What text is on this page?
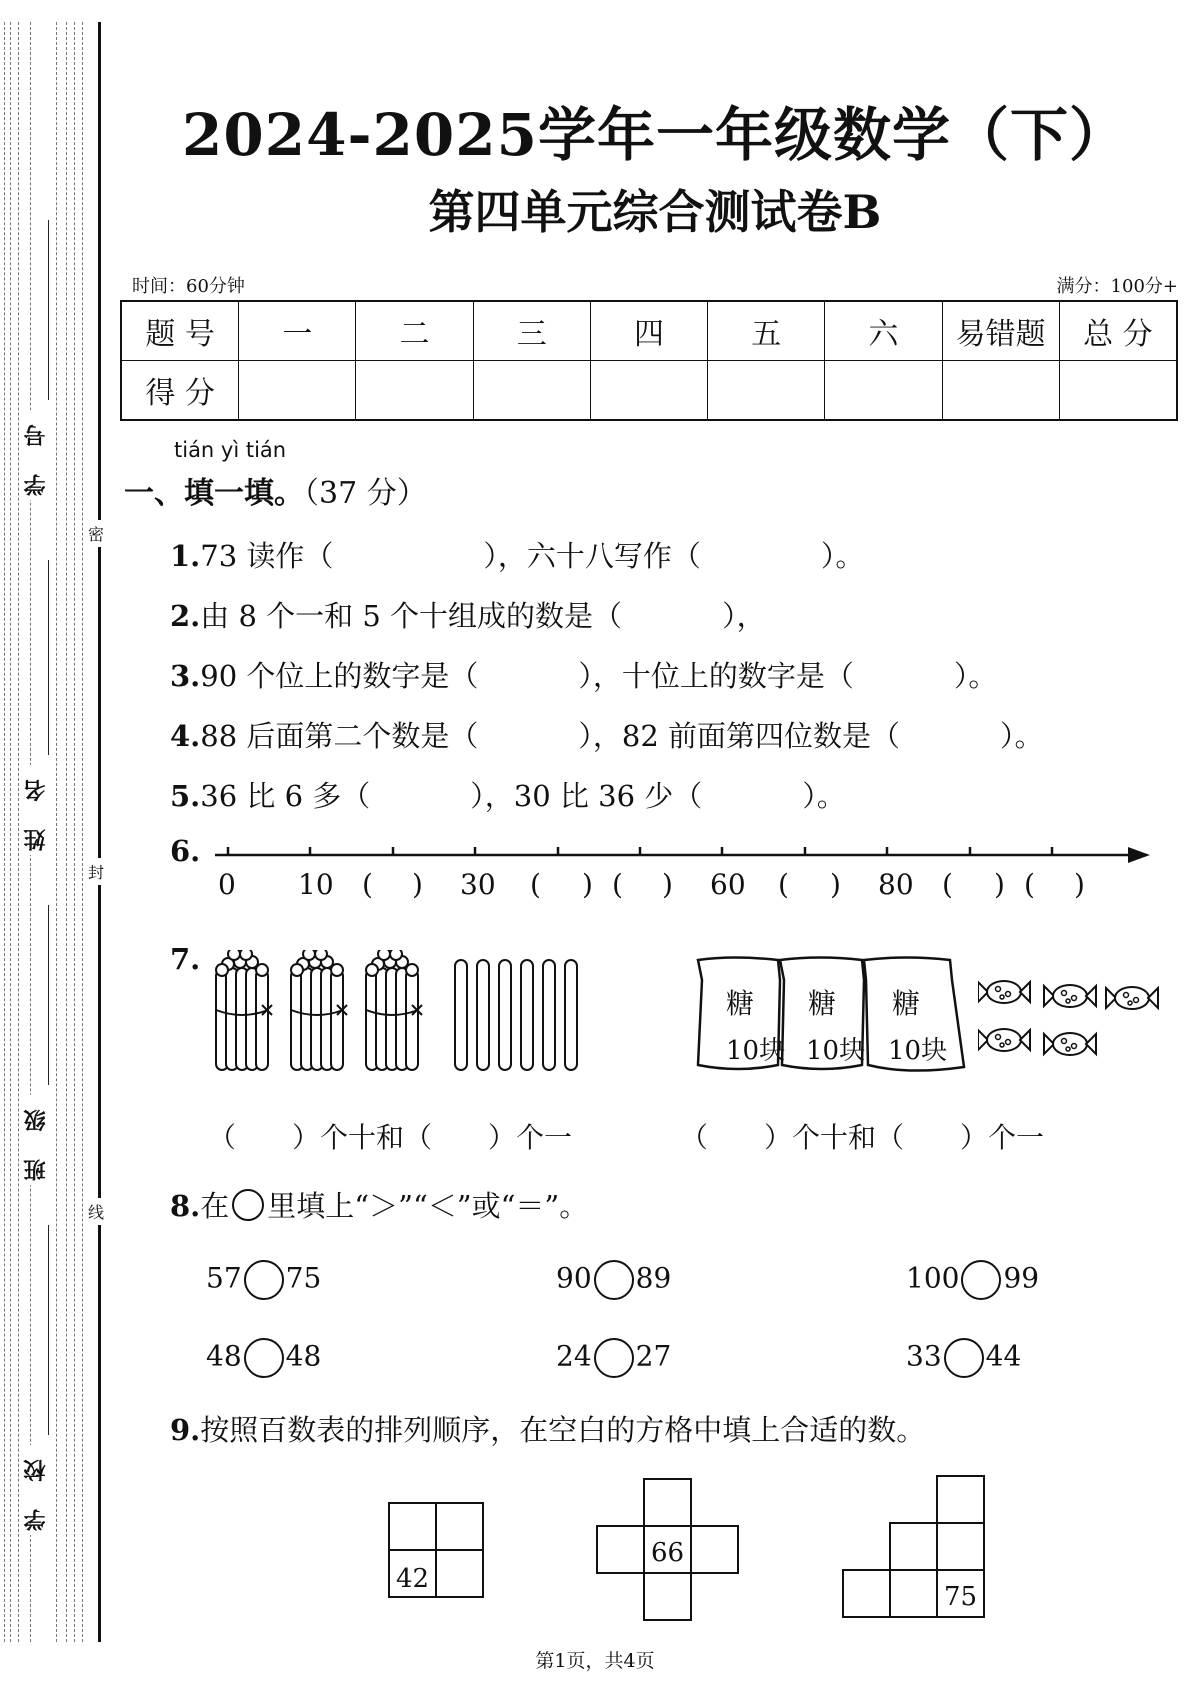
学 号
姓 名
班 级
学 校
密
封
线
2024-2025学年一年级数学（下）
第四单元综合测试卷B
时间：60分钟	满分：100分+
题 号	一	二	三	四	五	六	易错题	总 分
得 分								
tián yì tián
一、填一填。（37 分）
1.73 读作（	），六十八写作（	）。
2.由 8 个一和 5 个十组成的数是（	），
3.90 个位上的数字是（	），十位上的数字是（	）。
4.88 后面第二个数是（	），82 前面第四位数是（	）。
5.36 比 6 多（	），30 比 36 少（	）。
6.
0 10 ( ) 30 ( ) ( ) 60 ( ) 80 ( ) ( )
7.
糖
10块
糖
10块
糖
10块
（　　）个十和（　　）个一	（　　）个十和（　　）个一
8.在 里填上“＞”“＜”或“＝”。
57 75	90 89	100 99
48 48	24 27	33 44
9.按照百数表的排列顺序，在空白的方格中填上合适的数。
42
66
75
第1页，共4页
